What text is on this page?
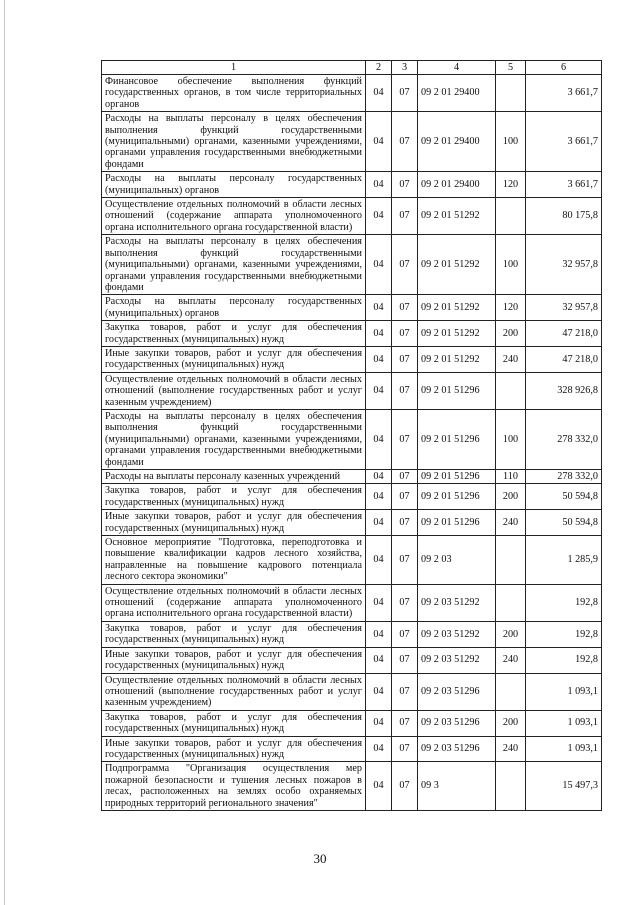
1	2	3	4	5	6
Финансовое обеспечение выполнения функций государственных органов, в том числе территориальных органов	04	07	09 2 01 29400		3 661,7
Расходы на выплаты персоналу в целях обеспечения выполнения функций государственными (муниципальными) органами, казенными учреждениями, органами управления государственными внебюджетными фондами	04	07	09 2 01 29400	100	3 661,7
Расходы на выплаты персоналу государственных (муниципальных) органов	04	07	09 2 01 29400	120	3 661,7
Осуществление отдельных полномочий в области лесных отношений (содержание аппарата уполномоченного органа исполнительного органа государственной власти)	04	07	09 2 01 51292		80 175,8
Расходы на выплаты персоналу в целях обеспечения выполнения функций государственными (муниципальными) органами, казенными учреждениями, органами управления государственными внебюджетными фондами	04	07	09 2 01 51292	100	32 957,8
Расходы на выплаты персоналу государственных (муниципальных) органов	04	07	09 2 01 51292	120	32 957,8
Закупка товаров, работ и услуг для обеспечения государственных (муниципальных) нужд	04	07	09 2 01 51292	200	47 218,0
Иные закупки товаров, работ и услуг для обеспечения государственных (муниципальных) нужд	04	07	09 2 01 51292	240	47 218,0
Осуществление отдельных полномочий в области лесных отношений (выполнение государственных работ и услуг казенным учреждением)	04	07	09 2 01 51296		328 926,8
Расходы на выплаты персоналу в целях обеспечения выполнения функций государственными (муниципальными) органами, казенными учреждениями, органами управления государственными внебюджетными фондами	04	07	09 2 01 51296	100	278 332,0
Расходы на выплаты персоналу казенных учреждений	04	07	09 2 01 51296	110	278 332,0
Закупка товаров, работ и услуг для обеспечения государственных (муниципальных) нужд	04	07	09 2 01 51296	200	50 594,8
Иные закупки товаров, работ и услуг для обеспечения государственных (муниципальных) нужд	04	07	09 2 01 51296	240	50 594,8
Основное мероприятие "Подготовка, переподготовка и повышение квалификации кадров лесного хозяйства, направленные на повышение кадрового потенциала лесного сектора экономики"	04	07	09 2 03		1 285,9
Осуществление отдельных полномочий в области лесных отношений (содержание аппарата уполномоченного органа исполнительного органа государственной власти)	04	07	09 2 03 51292		192,8
Закупка товаров, работ и услуг для обеспечения государственных (муниципальных) нужд	04	07	09 2 03 51292	200	192,8
Иные закупки товаров, работ и услуг для обеспечения государственных (муниципальных) нужд	04	07	09 2 03 51292	240	192,8
Осуществление отдельных полномочий в области лесных отношений (выполнение государственных работ и услуг казенным учреждением)	04	07	09 2 03 51296		1 093,1
Закупка товаров, работ и услуг для обеспечения государственных (муниципальных) нужд	04	07	09 2 03 51296	200	1 093,1
Иные закупки товаров, работ и услуг для обеспечения государственных (муниципальных) нужд	04	07	09 2 03 51296	240	1 093,1
Подпрограмма "Организация осуществления мер пожарной безопасности и тушения лесных пожаров в лесах, расположенных на землях особо охраняемых природных территорий регионального значения"	04	07	09 3		15 497,3
30
